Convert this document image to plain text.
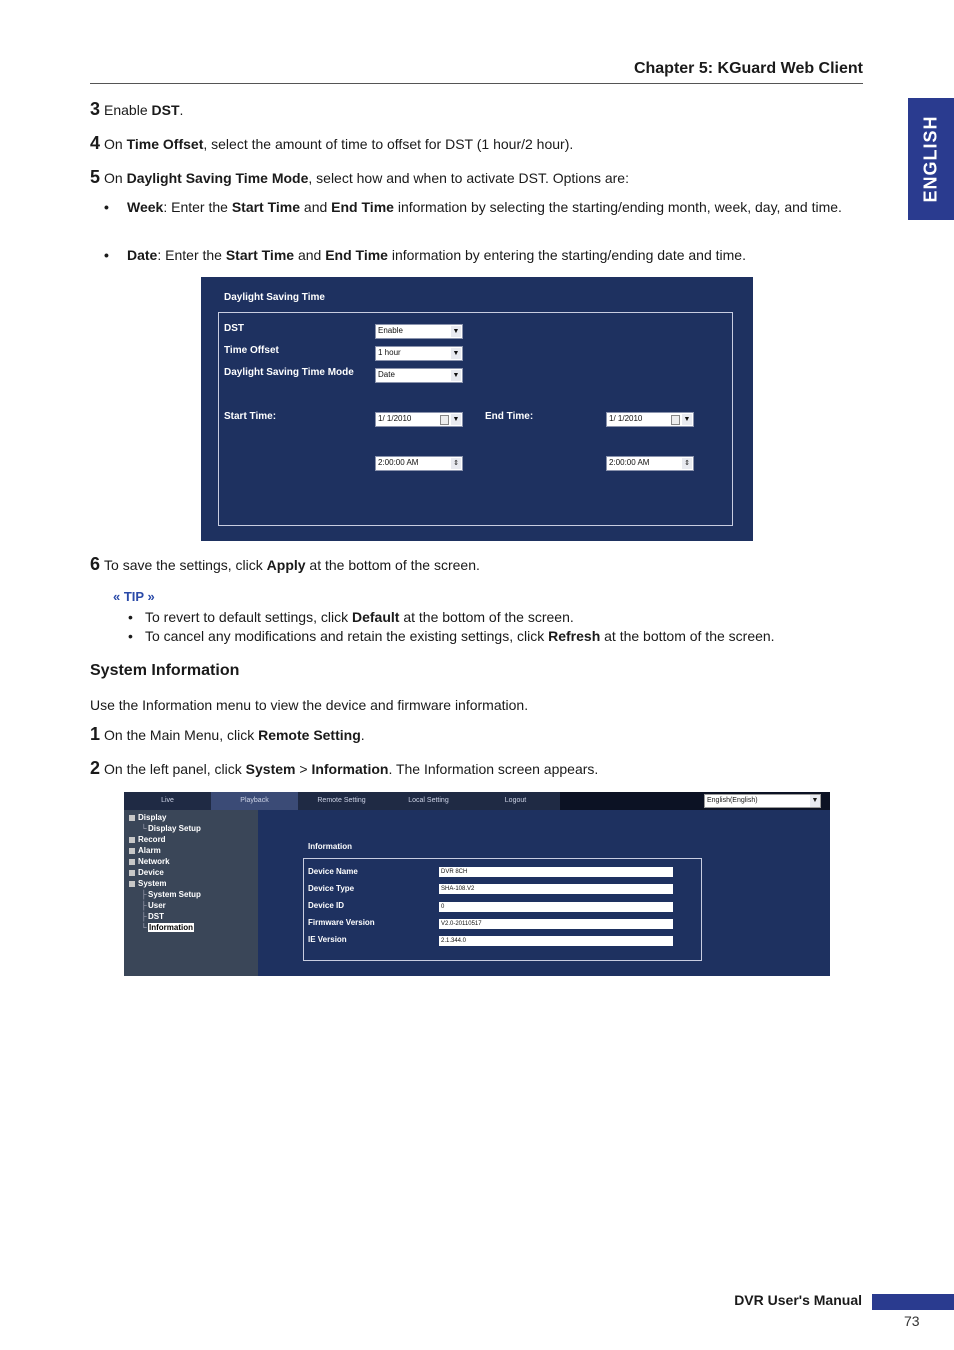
Chapter 5: KGuard Web Client
ENGLISH
3 Enable DST.
4 On Time Offset, select the amount of time to offset for DST (1 hour/2 hour).
5 On Daylight Saving Time Mode, select how and when to activate DST. Options are:
• Week: Enter the Start Time and End Time information by selecting the starting/ending month, week, day, and time.
• Date: Enter the Start Time and End Time information by entering the starting/ending date and time.
Daylight Saving Time
DST	Enable	▼
Time Offset	1 hour	▼
Daylight Saving Time Mode	Date	▼
Start Time:	1/ 1/2010	▼
2:00:00 AM	⇕
End Time:	1/ 1/2010	▼
2:00:00 AM	⇕
6 To save the settings, click Apply at the bottom of the screen.
« TIP »
• To revert to default settings, click Default at the bottom of the screen.
• To cancel any modifications and retain the existing settings, click Refresh at the bottom of the screen.
System Information
Use the Information menu to view the device and firmware information.
1 On the Main Menu, click Remote Setting.
2 On the left panel, click System > Information. The Information screen appears.
Live	Playback	Remote Setting	Local Setting	Logout	English(English)	▼
Display
└Display Setup
Record
Alarm
Network
Device
System
├System Setup
├User
├DST
└ Information
Information
Device Name	DVR 8CH
Device Type	SHA-108.V2
Device ID	0
Firmware Version	V2.0-20110517
IE Version	2.1.344.0
DVR User's Manual
73
